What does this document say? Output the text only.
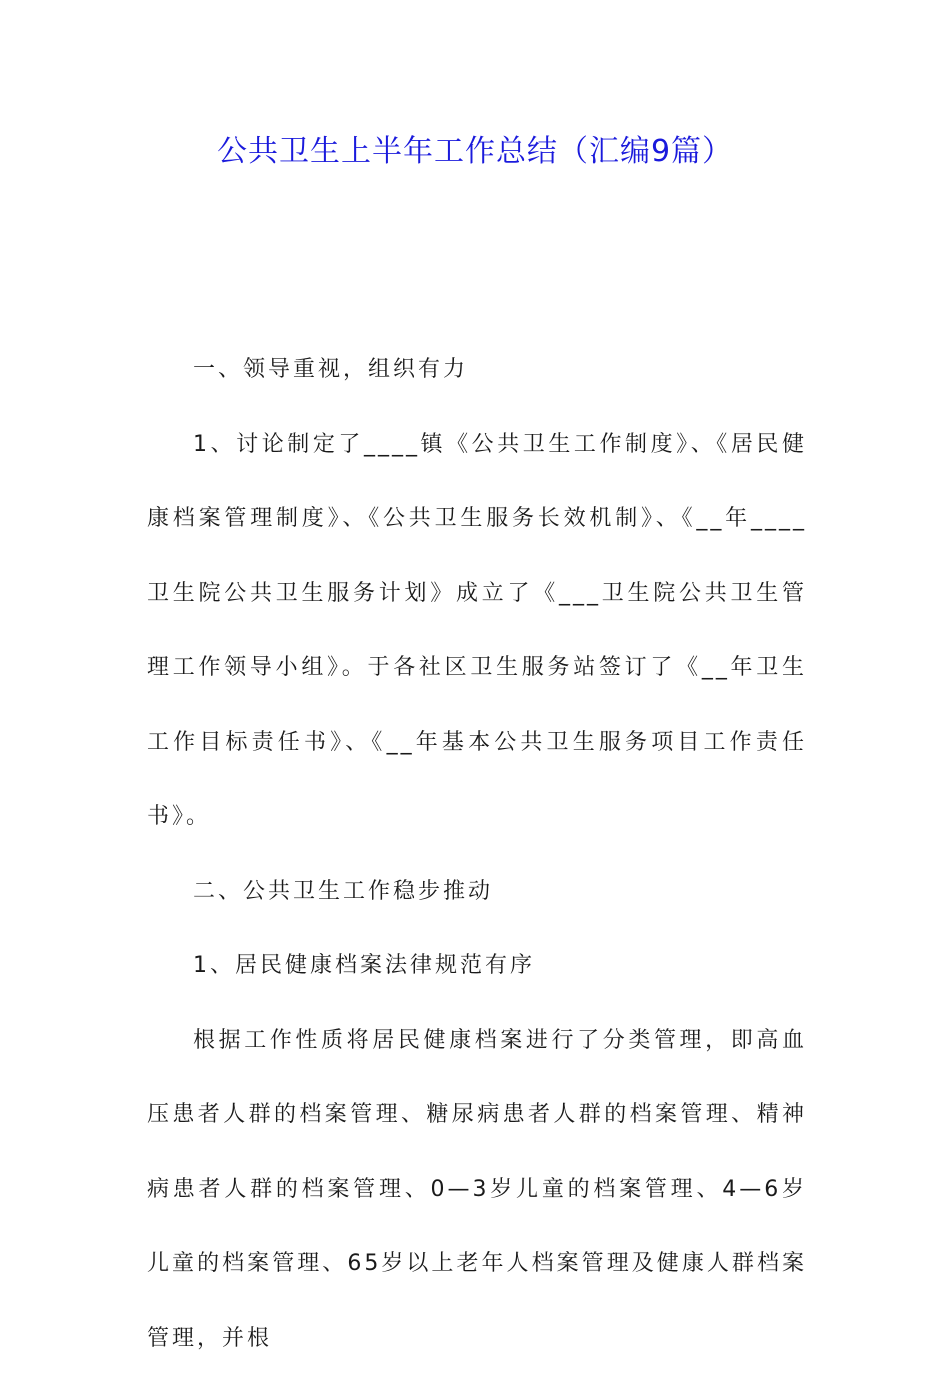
公共卫生上半年工作总结（汇编9篇）

一、领导重视，组织有力

1、讨论制定了____镇《公共卫生工作制度》、《居民健康档案管理制度》、《公共卫生服务长效机制》、《__年____卫生院公共卫生服务计划》成立了《___卫生院公共卫生管理工作领导小组》。于各社区卫生服务站签订了《__年卫生工作目标责任书》、《__年基本公共卫生服务项目工作责任书》。

二、公共卫生工作稳步推动

1、居民健康档案法律规范有序

根据工作性质将居民健康档案进行了分类管理，即高血压患者人群的档案管理、糖尿病患者人群的档案管理、精神病患者人群的档案管理、0—3岁儿童的档案管理、4—6岁儿童的档案管理、65岁以上老年人档案管理及健康人群档案管理，并根
